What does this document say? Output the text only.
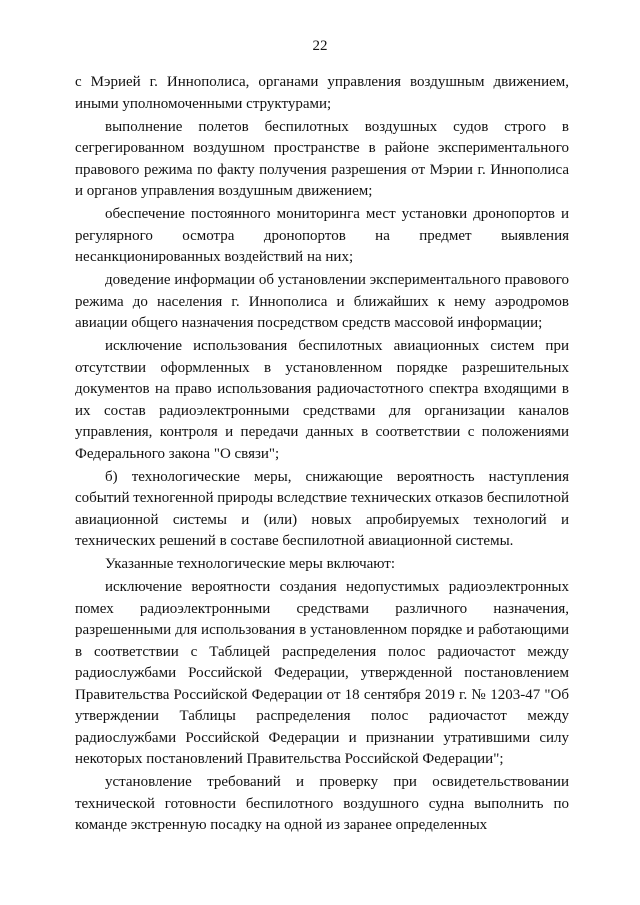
22

с Мэрией г. Иннополиса, органами управления воздушным движением, иными уполномоченными структурами;

выполнение полетов беспилотных воздушных судов строго в сегрегированном воздушном пространстве в районе экспериментального правового режима по факту получения разрешения от Мэрии г. Иннополиса и органов управления воздушным движением;

обеспечение постоянного мониторинга мест установки дронопортов и регулярного осмотра дронопортов на предмет выявления несанкционированных воздействий на них;

доведение информации об установлении экспериментального правового режима до населения г. Иннополиса и ближайших к нему аэродромов авиации общего назначения посредством средств массовой информации;

исключение использования беспилотных авиационных систем при отсутствии оформленных в установленном порядке разрешительных документов на право использования радиочастотного спектра входящими в их состав радиоэлектронными средствами для организации каналов управления, контроля и передачи данных в соответствии с положениями Федерального закона "О связи";

б) технологические меры, снижающие вероятность наступления событий техногенной природы вследствие технических отказов беспилотной авиационной системы и (или) новых апробируемых технологий и технических решений в составе беспилотной авиационной системы.

Указанные технологические меры включают:

исключение вероятности создания недопустимых радиоэлектронных помех радиоэлектронными средствами различного назначения, разрешенными для использования в установленном порядке и работающими в соответствии с Таблицей распределения полос радиочастот между радиослужбами Российской Федерации, утвержденной постановлением Правительства Российской Федерации от 18 сентября 2019 г. № 1203-47 "Об утверждении Таблицы распределения полос радиочастот между радиослужбами Российской Федерации и признании утратившими силу некоторых постановлений Правительства Российской Федерации";

установление требований и проверку при освидетельствовании технической готовности беспилотного воздушного судна выполнить по команде экстренную посадку на одной из заранее определенных
